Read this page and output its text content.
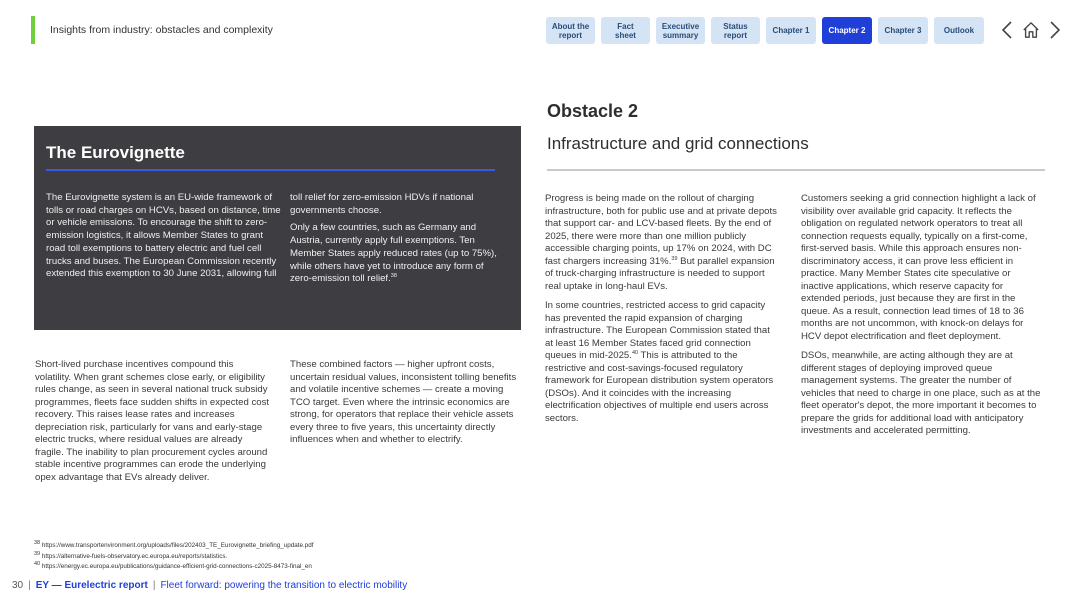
Insights from industry: obstacles and complexity	About the
report
Fact
sheet
Executive
summary
Status
report	Chapter 1 Chapter 2 Chapter 3	Outlook
Obstacle 2
Infrastructure and grid connections
The Eurovignette

The Eurovignette system is an EU-wide framework of tolls or road charges on HCVs, based on distance, time or vehicle emissions. To encourage the shift to zero-emission logistics, it allows Member States to grant road toll exemptions to battery electric and fuel cell trucks and buses. The European Commission recently extended this exemption to 30 June 2031, allowing full

toll relief for zero-emission HDVs if national governments choose.

Only a few countries, such as Germany and Austria, currently apply full exemptions. Ten Member States apply reduced rates (up to 75%), while others have yet to introduce any form of zero-emission toll relief.$^{38}$

Short-lived purchase incentives compound this volatility. When grant schemes close early, or eligibility rules change, as seen in several national truck subsidy programmes, fleets face sudden shifts in expected cost recovery. This raises lease rates and increases depreciation risk, particularly for vans and early-stage electric trucks, where residual values are already fragile. The inability to plan procurement cycles around stable incentive programmes can erode the underlying opex advantage that EVs already deliver.

These combined factors — higher upfront costs, uncertain residual values, inconsistent tolling benefits and volatile incentive schemes — create a moving TCO target. Even where the intrinsic economics are strong, for operators that replace their vehicle assets every three to five years, this uncertainty directly influences when and whether to electrify.

Progress is being made on the rollout of charging infrastructure, both for public use and at private depots that support car- and LCV-based fleets. By the end of 2025, there were more than one million publicly accessible charging points, up 17% on 2024, with DC fast chargers increasing 31%.$^{39}$ But parallel expansion of truck-charging infrastructure is needed to support real uptake in long-haul EVs.

In some countries, restricted access to grid capacity has prevented the rapid expansion of charging infrastructure. The European Commission stated that at least 16 Member States faced grid connection queues in mid-2025.40 This is attributed to the restrictive and cost-savings-focused regulatory framework for European distribution system operators (DSOs). And it coincides with the increasing electrification objectives of multiple end users across sectors.

Customers seeking a grid connection highlight a lack of visibility over available grid capacity. It reflects the obligation on regulated network operators to treat all connection requests equally, typically on a first-come, first-served basis. While this approach ensures non-discriminatory access, it can prove less efficient in practice. Many Member States cite speculative or inactive applications, which reserve capacity for extended periods, just because they are first in the queue. As a result, connection lead times of 18 to 36 months are not uncommon, with knock-on delays for HCV depot electrification and fleet deployment.

DSOs, meanwhile, are acting although they are at different stages of deploying improved queue management systems. The greater the number of vehicles that need to charge in one place, such as at the fleet operator's depot, the more important it becomes to prepare the grids for additional load with anticipatory investments and accelerated permitting.

$^{38}$ https://www.transportenvironment.org/uploads/files/202403_TE_Eurovignette_briefing_update.pdf
$^{39}$ https://alternative-fuels-observatory.ec.europa.eu/reports/statistics.
$^{40}$ https://energy.ec.europa.eu/publications/guidance-efficient-grid-connections-c2025-8473-final_en
30 | EY — Eurelectric report | Fleet forward: powering the transition to electric mobility
